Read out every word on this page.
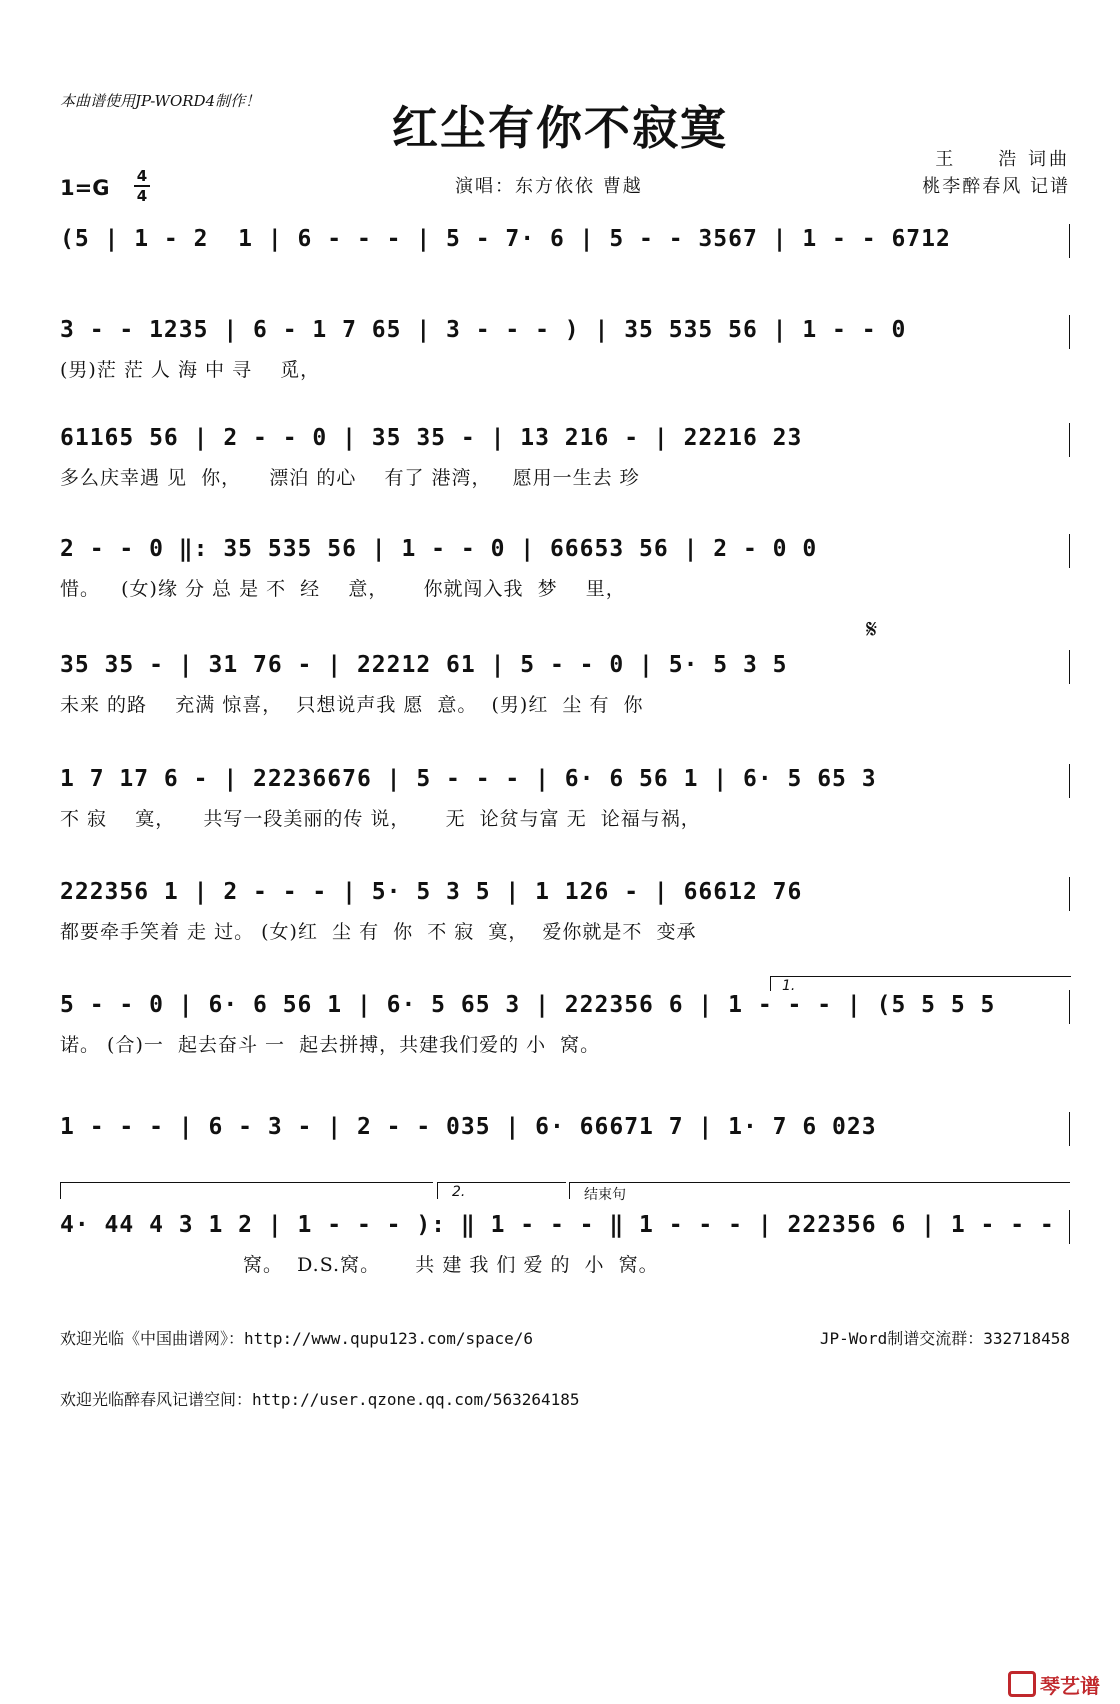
本曲谱使用JP-WORD4制作！	红尘有你不寂寞
王　　浩 词曲
桃李醉春风 记谱
演唱：东方依依 曹越
1=G 4
4
(5 | 1 - 2  1 | 6 - - - | 5 - 7· 6 | 5 - - 3567 | 1 - - 6712
3 - - 1235 | 6 - 1 7 65 | 3 - - - ) | 35 535 56 | 1 - - 0
(男)茫 茫 人 海 中 寻    觅，
61165 56 | 2 - - 0 | 35 35 - | 13 216 - | 22216 23
多么庆幸遇 见  你，    漂泊 的心    有了 港湾，   愿用一生去 珍
2 - - 0 ‖: 35 535 56 | 1 - - 0 | 66653 56 | 2 - 0 0
惜。   (女)缘 分 总 是 不  经    意，     你就闯入我  梦    里，
35 35 - | 31 76 - | 22212 61 | 5 - - 0 | 5· 5 3 5
未来 的路    充满 惊喜，  只想说声我 愿  意。  (男)红  尘 有  你
1 7 17 6 - | 22236676 | 5 - - - | 6· 6 56 1 | 6· 5 65 3
不 寂    寞，    共写一段美丽的传 说，     无  论贫与富 无  论福与祸，
222356 1 | 2 - - - | 5· 5 3 5 | 1 126 - | 66612 76
都要牵手笑着 走 过。 (女)红  尘 有  你  不 寂  寞，  爱你就是不  变承
5 - - 0 | 6· 6 56 1 | 6· 5 65 3 | 222356 6 | 1 - - - | (5 5 5 5
诺。 (合)一  起去奋斗 一  起去拼搏，共建我们爱的 小  窝。
1 - - - | 6 - 3 - | 2 - - 035 | 6· 66671 7 | 1· 7 6 023
4· 44 4 3 1 2 | 1 - - - ): ‖ 1 - - - ‖ 1 - - - | 222356 6 | 1 - - -
窝。  D.S.窝。     共 建 我 们 爱 的  小  窝。
欢迎光临《中国曲谱网》：http://www.qupu123.com/space/6	JP-Word制谱交流群：332718458
欢迎光临醉春风记谱空间：http://user.qzone.qq.com/563264185
琴艺谱
1.
2.	结束句
𝄋
